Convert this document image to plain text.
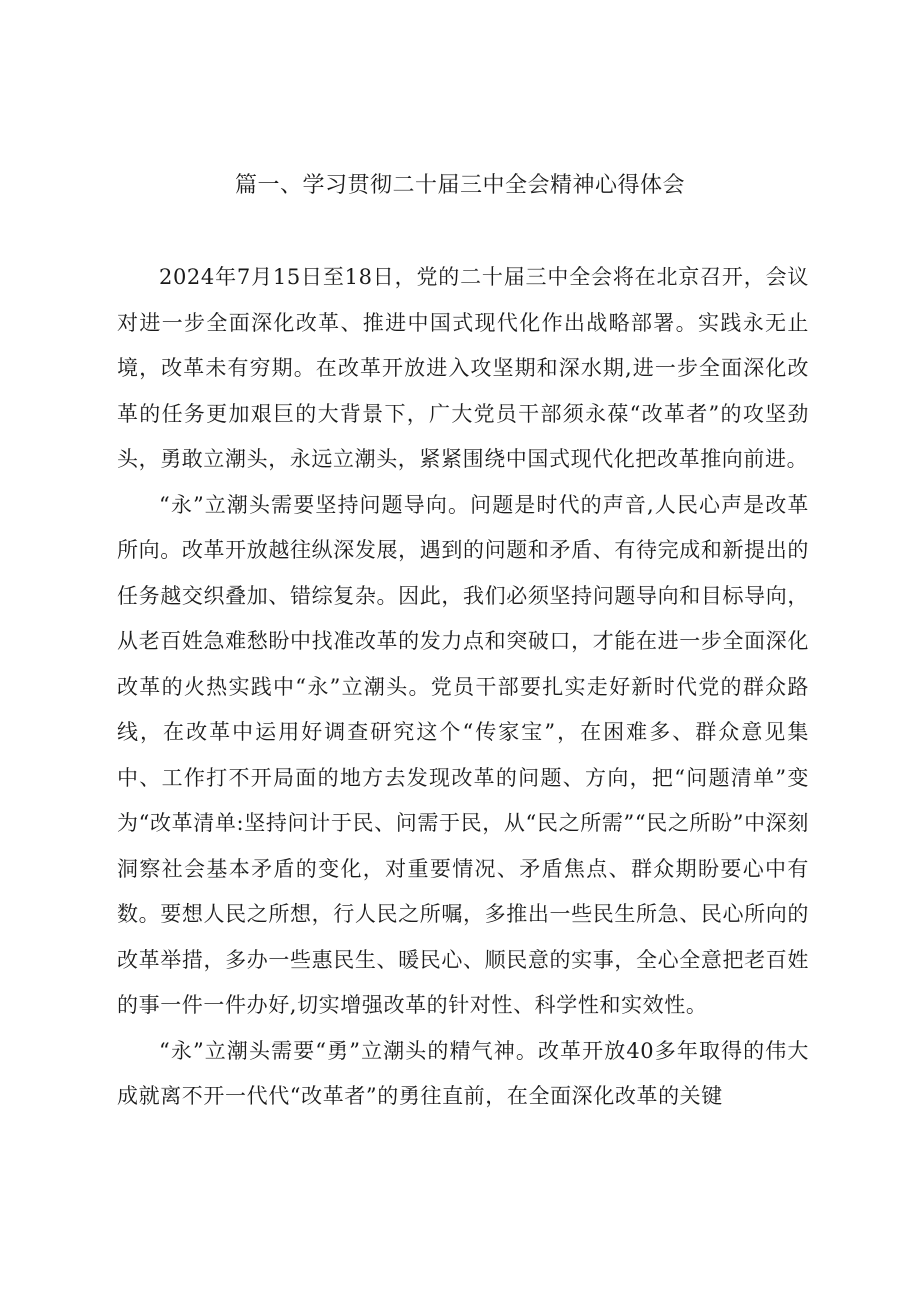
篇一、学习贯彻二十届三中全会精神心得体会

2024年7月15日至18日，党的二十届三中全会将在北京召开，会议对进一步全面深化改革、推进中国式现代化作出战略部署。实践永无止境，改革未有穷期。在改革开放进入攻坚期和深水期,进一步全面深化改革的任务更加艰巨的大背景下，广大党员干部须永葆“改革者”的攻坚劲头，勇敢立潮头，永远立潮头，紧紧围绕中国式现代化把改革推向前进。

“永”立潮头需要坚持问题导向。问题是时代的声音,人民心声是改革所向。改革开放越往纵深发展，遇到的问题和矛盾、有待完成和新提出的任务越交织叠加、错综复杂。因此，我们必须坚持问题导向和目标导向，从老百姓急难愁盼中找准改革的发力点和突破口，才能在进一步全面深化改革的火热实践中“永”立潮头。党员干部要扎实走好新时代党的群众路线，在改革中运用好调查研究这个“传家宝”，在困难多、群众意见集中、工作打不开局面的地方去发现改革的问题、方向，把“问题清单”变为“改革清单:坚持问计于民、问需于民，从“民之所需”“民之所盼”中深刻洞察社会基本矛盾的变化，对重要情况、矛盾焦点、群众期盼要心中有数。要想人民之所想，行人民之所嘱，多推出一些民生所急、民心所向的改革举措，多办一些惠民生、暖民心、顺民意的实事，全心全意把老百姓的事一件一件办好,切实增强改革的针对性、科学性和实效性。

“永”立潮头需要“勇”立潮头的精气神。改革开放40多年取得的伟大成就离不开一代代“改革者”的勇往直前，在全面深化改革的关键
